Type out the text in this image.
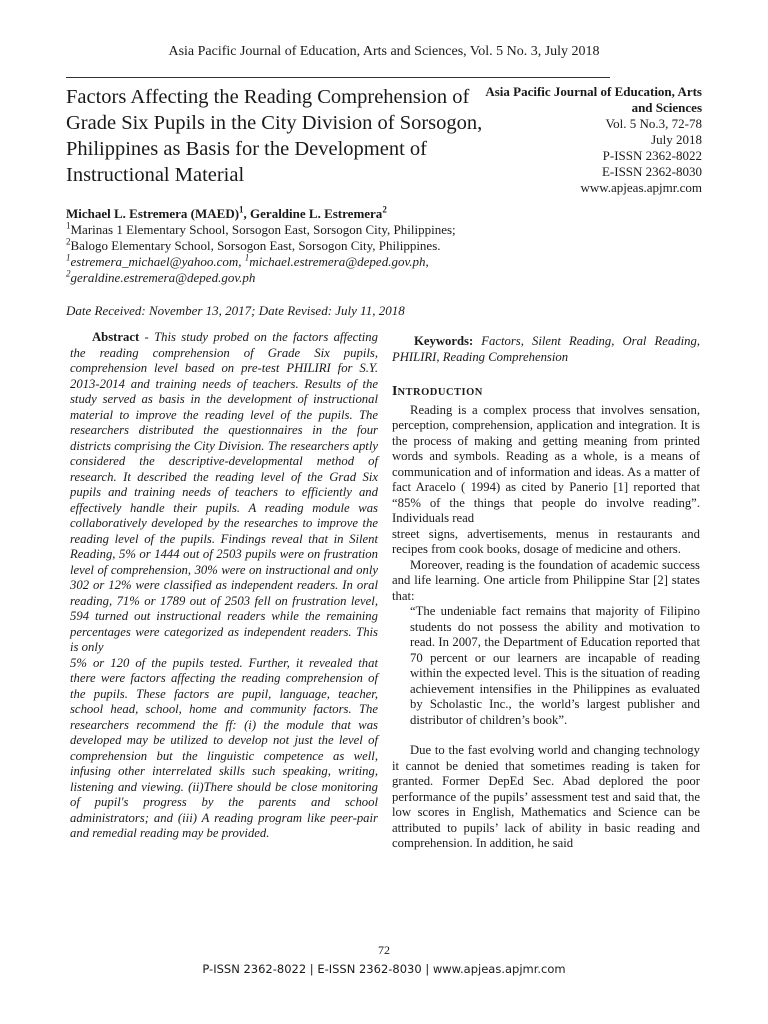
Asia Pacific Journal of Education, Arts and Sciences, Vol. 5 No. 3, July 2018
Factors Affecting the Reading Comprehension of Grade Six Pupils in the City Division of Sorsogon, Philippines as Basis for the Development of Instructional Material
Asia Pacific Journal of Education, Arts and Sciences
Vol. 5 No.3, 72-78
July 2018
P-ISSN 2362-8022
E-ISSN 2362-8030
www.apjeas.apjmr.com
Michael L. Estremera (MAED)$^1$, Geraldine L. Estremera$^2$
$^1$Marinas 1 Elementary School, Sorsogon East, Sorsogon City, Philippines;
$^2$Balogo Elementary School, Sorsogon East, Sorsogon City, Philippines.
$^1$estremera_michael@yahoo.com, $^1$michael.estremera@deped.gov.ph,
$^2$geraldine.estremera@deped.gov.ph
Date Received: November 13, 2017; Date Revised: July 11, 2018

Abstract - This study probed on the factors affecting the reading comprehension of Grade Six pupils, comprehension level based on pre-test PHILIRI for S.Y. 2013-2014 and training needs of teachers. Results of the study served as basis in the development of instructional material to improve the reading level of the pupils. The researchers distributed the questionnaires in the four districts comprising the City Division. The researchers aptly considered the descriptive-developmental method of research. It described the reading level of the Grad Six pupils and training needs of teachers to efficiently and effectively handle their pupils. A reading module was collaboratively developed by the researches to improve the reading level of the pupils. Findings reveal that in Silent Reading, 5% or 1444 out of 2503 pupils were on frustration level of comprehension, 30% were on instructional and only 302 or 12% were classified as independent readers. In oral reading, 71% or 1789 out of 2503 fell on frustration level, 594 turned out instructional readers while the remaining percentages were categorized as independent readers. This is only

5% or 120 of the pupils tested. Further, it revealed that there were factors affecting the reading comprehension of the pupils. These factors are pupil, language, teacher, school head, school, home and community factors. The researchers recommend the ff: (i) the module that was developed may be utilized to develop not just the level of comprehension but the linguistic competence as well, infusing other interrelated skills such speaking, writing, listening and viewing. (ii)There should be close monitoring of pupil's progress by the parents and school administrators; and (iii) A reading program like peer-pair and remedial reading may be provided.

Keywords: Factors, Silent Reading, Oral Reading, PHILIRI, Reading Comprehension

INTRODUCTION

Reading is a complex process that involves sensation, perception, comprehension, application and integration. It is the process of making and getting meaning from printed words and symbols. Reading as a whole, is a means of communication and of information and ideas. As a matter of fact Aracelo ( 1994) as cited by Panerio [1] reported that “85% of the things that people do involve reading”. Individuals read

street signs, advertisements, menus in restaurants and recipes from cook books, dosage of medicine and others.

Moreover, reading is the foundation of academic success and life learning. One article from Philippine Star [2] states that:

“The undeniable fact remains that majority of Filipino students do not possess the ability and motivation to read. In 2007, the Department of Education reported that 70 percent or our learners are incapable of reading within the expected level. This is the situation of reading achievement intensifies in the Philippines as evaluated by Scholastic Inc., the world’s largest publisher and distributor of children’s book”.

Due to the fast evolving world and changing technology it cannot be denied that sometimes reading is taken for granted. Former DepEd Sec. Abad deplored the poor performance of the pupils’ assessment test and said that, the low scores in English, Mathematics and Science can be attributed to pupils’ lack of ability in basic reading and comprehension. In addition, he said

72
P-ISSN 2362-8022 | E-ISSN 2362-8030 | www.apjeas.apjmr.com
